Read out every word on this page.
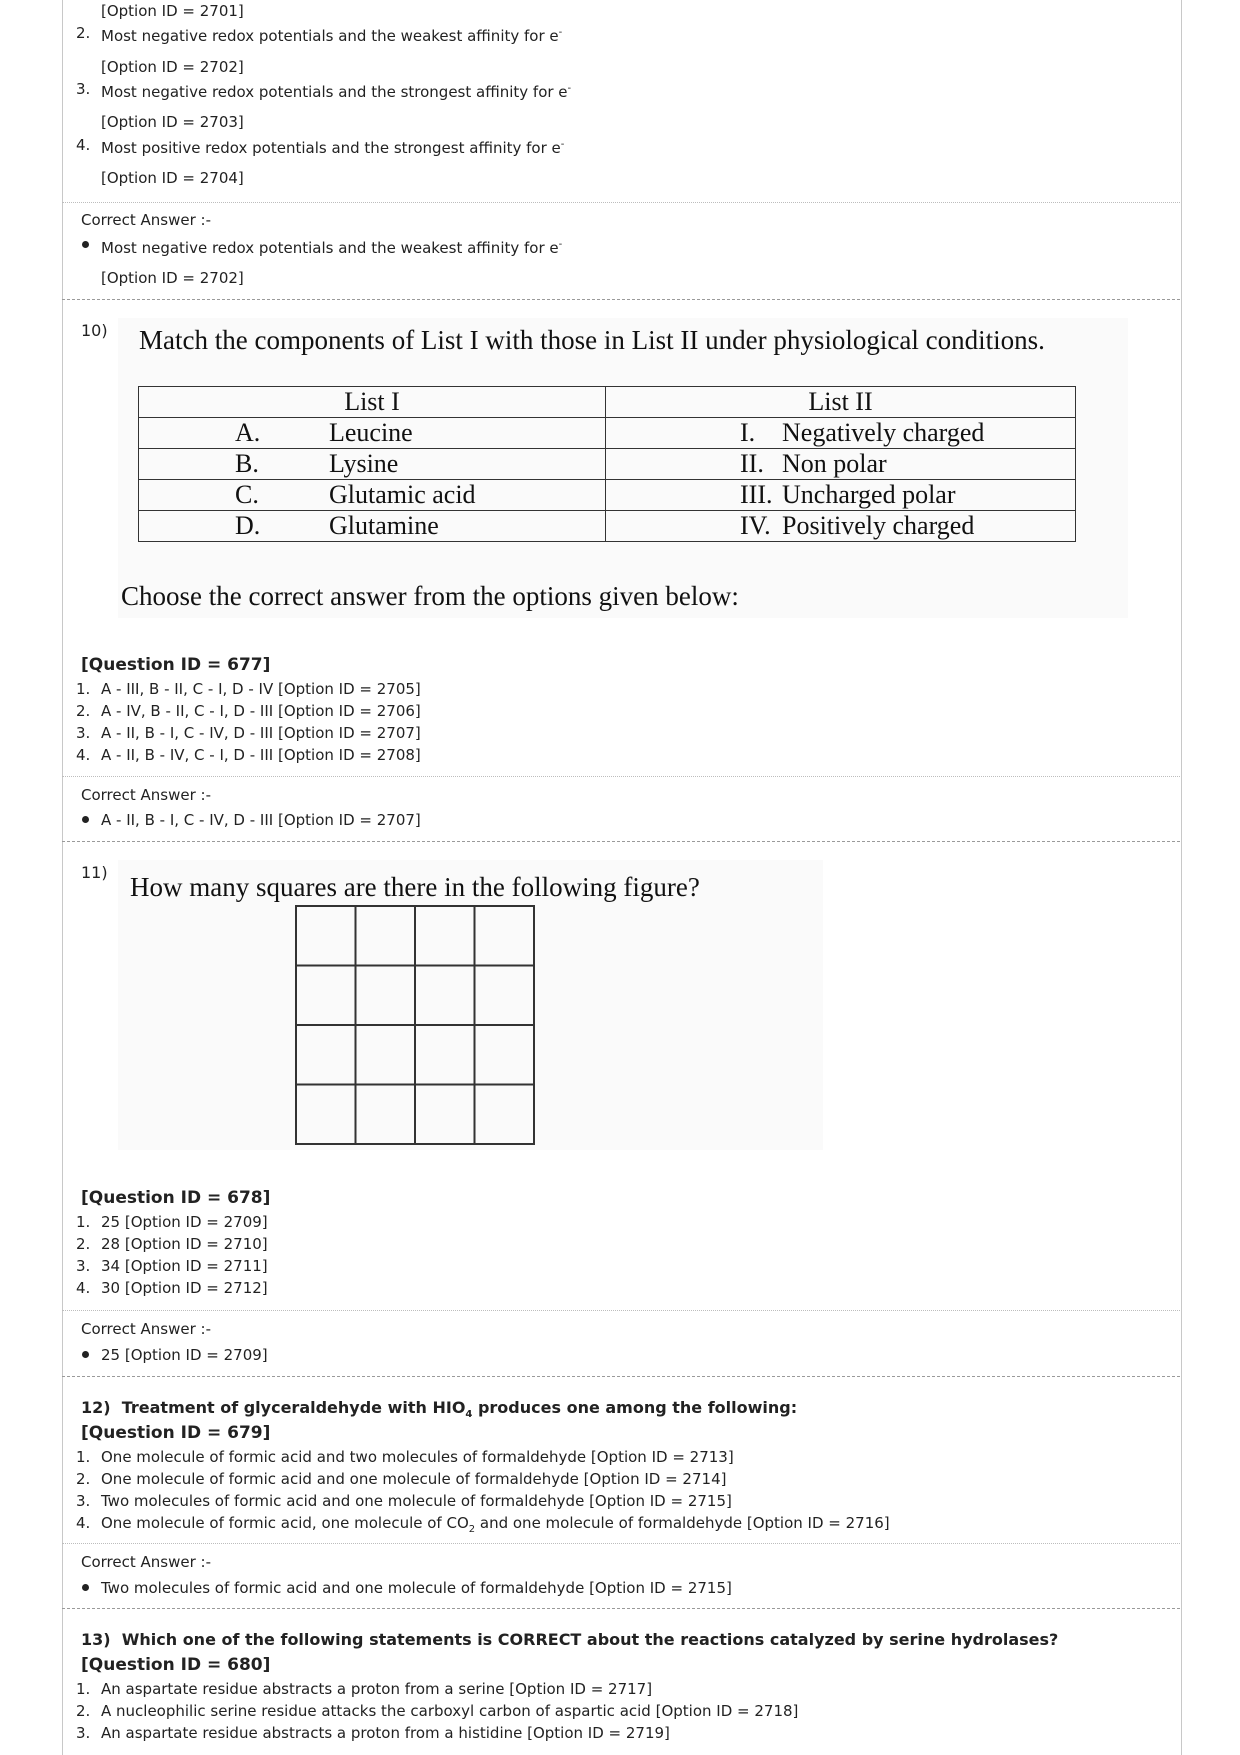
[Option ID = 2701]
2. Most negative redox potentials and the weakest affinity for e-
[Option ID = 2702]
3. Most negative redox potentials and the strongest affinity for e-
[Option ID = 2703]
4. Most positive redox potentials and the strongest affinity for e-
[Option ID = 2704]
Correct Answer :-
Most negative redox potentials and the weakest affinity for e-
[Option ID = 2702]
10) Match the components of List I with those in List II under physiological conditions.
List I	List II
A. Leucine	I. Negatively charged
B. Lysine	II. Non polar
C. Glutamic acid	III. Uncharged polar
D. Glutamine	IV. Positively charged
Choose the correct answer from the options given below:
[Question ID = 677]
1. A - III, B - II, C - I, D - IV [Option ID = 2705]
2. A - IV, B - II, C - I, D - III [Option ID = 2706]
3. A - II, B - I, C - IV, D - III [Option ID = 2707]
4. A - II, B - IV, C - I, D - III [Option ID = 2708]
Correct Answer :-
A - II, B - I, C - IV, D - III [Option ID = 2707]
11) How many squares are there in the following figure?
[Question ID = 678]
1. 25 [Option ID = 2709]
2. 28 [Option ID = 2710]
3. 34 [Option ID = 2711]
4. 30 [Option ID = 2712]
Correct Answer :-
25 [Option ID = 2709]
12) Treatment of glyceraldehyde with $HIO_4$ produces one among the following:
[Question ID = 679]
1. One molecule of formic acid and two molecules of formaldehyde [Option ID = 2713]
2. One molecule of formic acid and one molecule of formaldehyde [Option ID = 2714]
3. Two molecules of formic acid and one molecule of formaldehyde [Option ID = 2715]
4. One molecule of formic acid, one molecule of $CO_2$ and one molecule of formaldehyde [Option ID = 2716]
Correct Answer :-
Two molecules of formic acid and one molecule of formaldehyde [Option ID = 2715]
13) Which one of the following statements is CORRECT about the reactions catalyzed by serine hydrolases?
[Question ID = 680]
1. An aspartate residue abstracts a proton from a serine [Option ID = 2717]
2. A nucleophilic serine residue attacks the carboxyl carbon of aspartic acid [Option ID = 2718]
3. An aspartate residue abstracts a proton from a histidine [Option ID = 2719]
